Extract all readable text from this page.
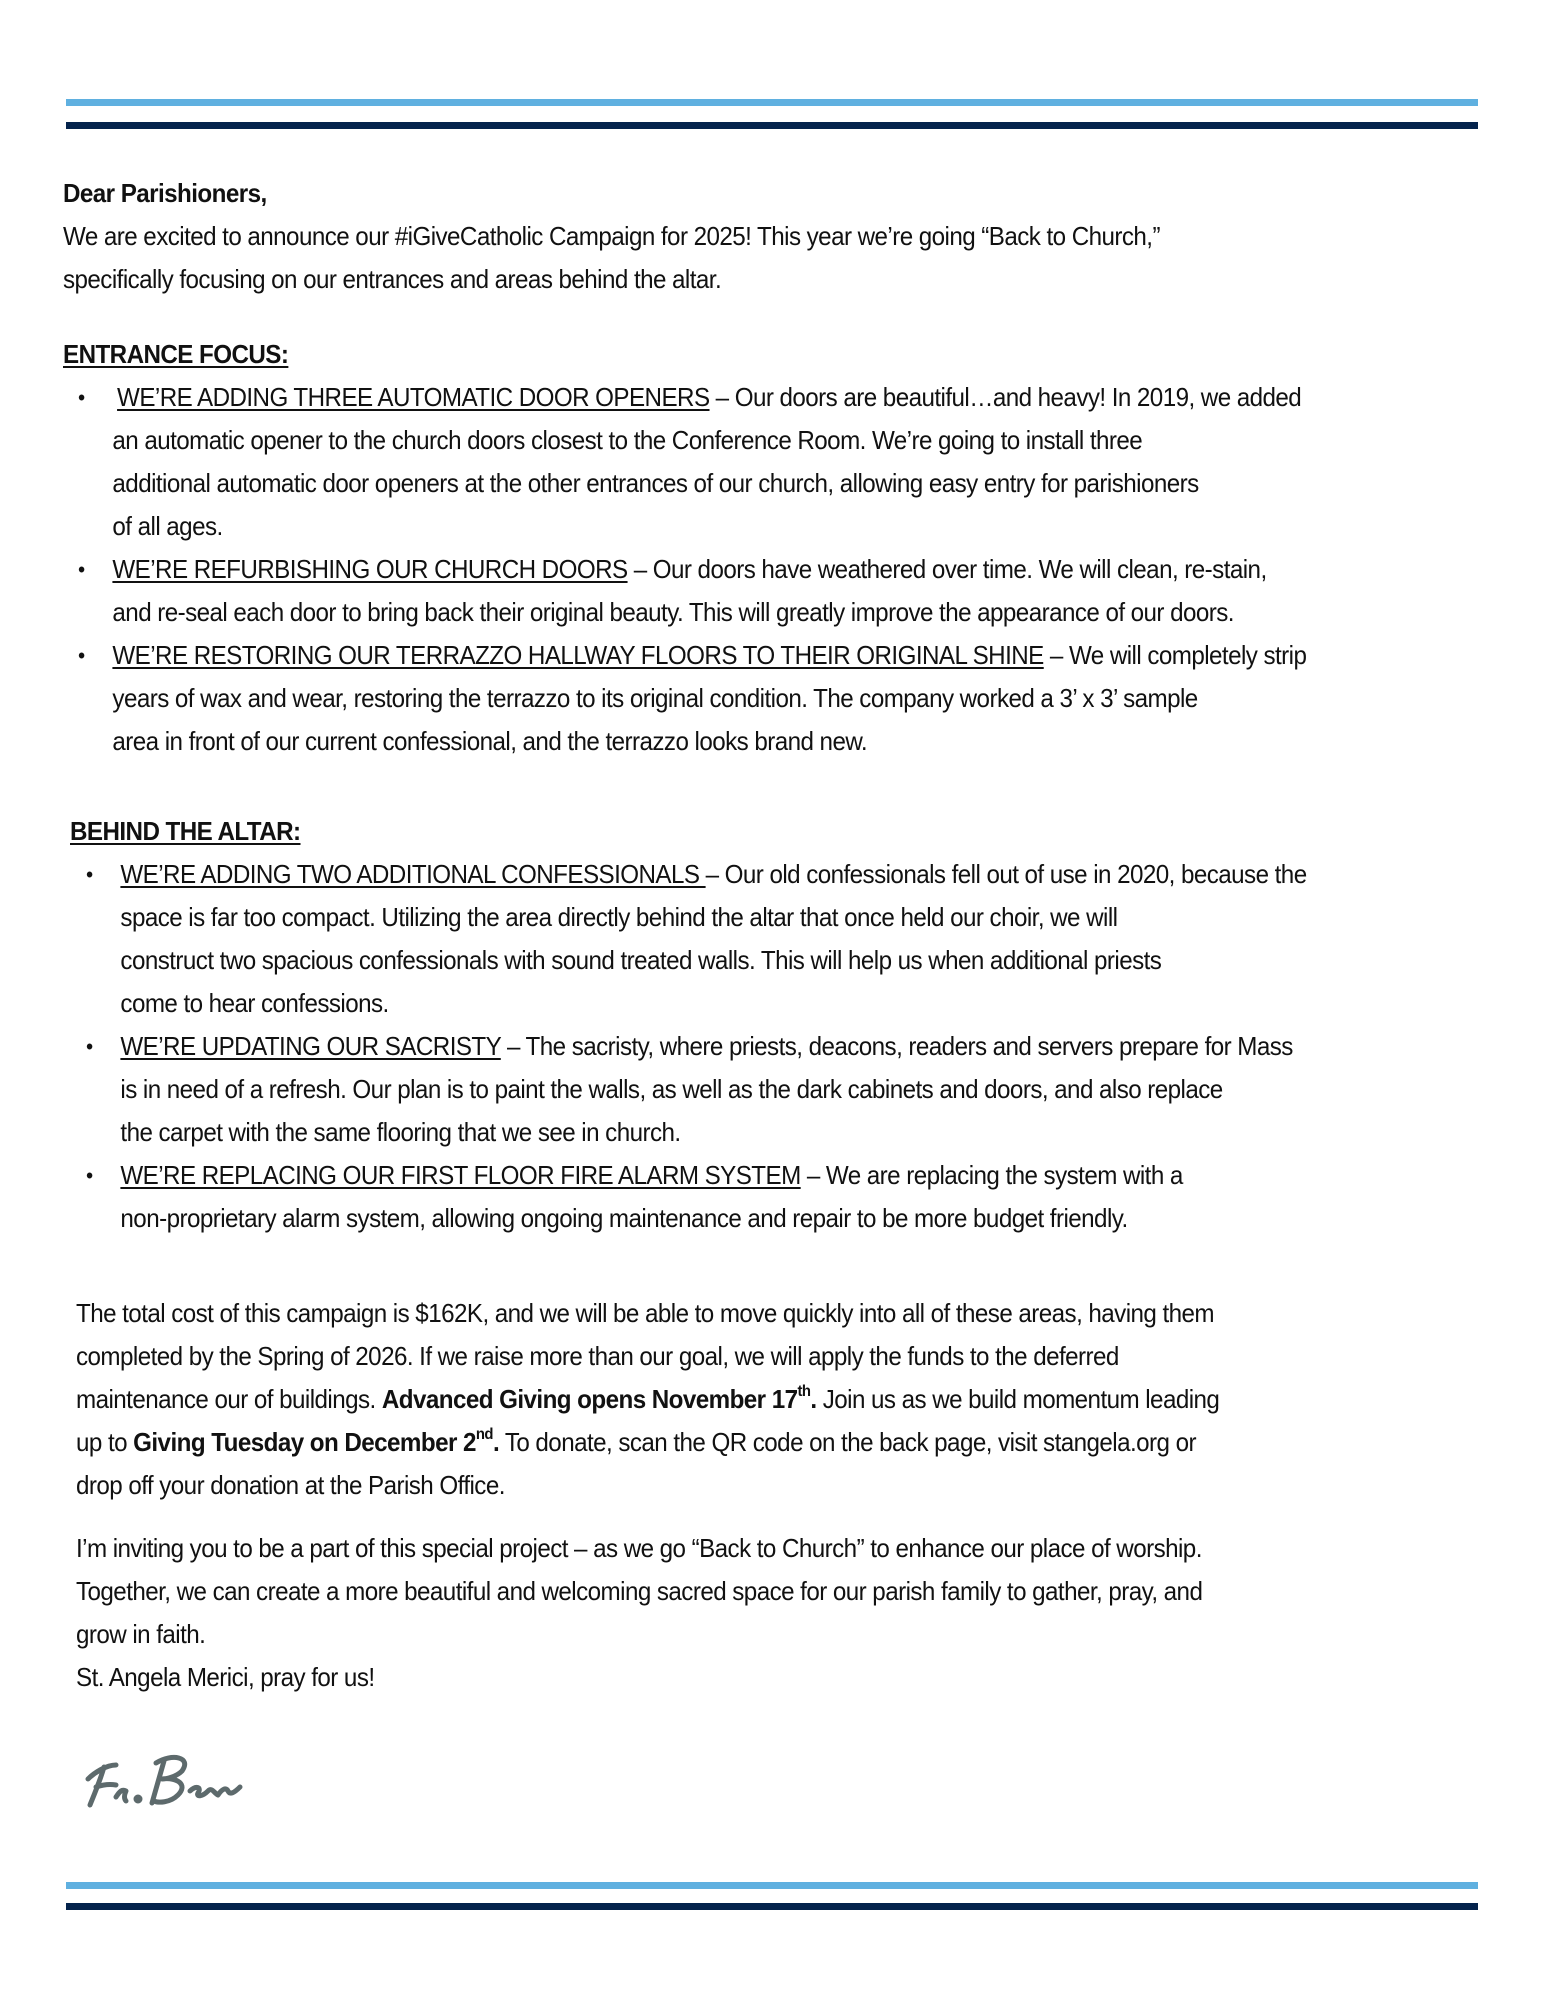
Dear Parishioners,
We are excited to announce our #iGiveCatholic Campaign for 2025! This year we’re going “Back to Church,”
specifically focusing on our entrances and areas behind the altar.
ENTRANCE FOCUS:
•	WE’RE ADDING THREE AUTOMATIC DOOR OPENERS – Our doors are beautiful…and heavy! In 2019, we added
an automatic opener to the church doors closest to the Conference Room. We’re going to install three
additional automatic door openers at the other entrances of our church, allowing easy entry for parishioners
of all ages.
•	WE’RE REFURBISHING OUR CHURCH DOORS – Our doors have weathered over time. We will clean, re-stain,
and re-seal each door to bring back their original beauty. This will greatly improve the appearance of our doors.
•	WE’RE RESTORING OUR TERRAZZO HALLWAY FLOORS TO THEIR ORIGINAL SHINE – We will completely strip
years of wax and wear, restoring the terrazzo to its original condition. The company worked a 3’ x 3’ sample
area in front of our current confessional, and the terrazzo looks brand new.
BEHIND THE ALTAR:
•	WE’RE ADDING TWO ADDITIONAL CONFESSIONALS – Our old confessionals fell out of use in 2020, because the
space is far too compact. Utilizing the area directly behind the altar that once held our choir, we will
construct two spacious confessionals with sound treated walls. This will help us when additional priests
come to hear confessions.
•	WE’RE UPDATING OUR SACRISTY – The sacristy, where priests, deacons, readers and servers prepare for Mass
is in need of a refresh. Our plan is to paint the walls, as well as the dark cabinets and doors, and also replace
the carpet with the same flooring that we see in church.
•	WE’RE REPLACING OUR FIRST FLOOR FIRE ALARM SYSTEM – We are replacing the system with a
non-proprietary alarm system, allowing ongoing maintenance and repair to be more budget friendly.
The total cost of this campaign is $162K, and we will be able to move quickly into all of these areas, having them
completed by the Spring of 2026. If we raise more than our goal, we will apply the funds to the deferred
maintenance our of buildings. Advanced Giving opens November 17th. Join us as we build momentum leading
up to Giving Tuesday on December 2nd. To donate, scan the QR code on the back page, visit stangela.org or
drop off your donation at the Parish Office.
I’m inviting you to be a part of this special project – as we go “Back to Church” to enhance our place of worship.
Together, we can create a more beautiful and welcoming sacred space for our parish family to gather, pray, and
grow in faith.
St. Angela Merici, pray for us!
